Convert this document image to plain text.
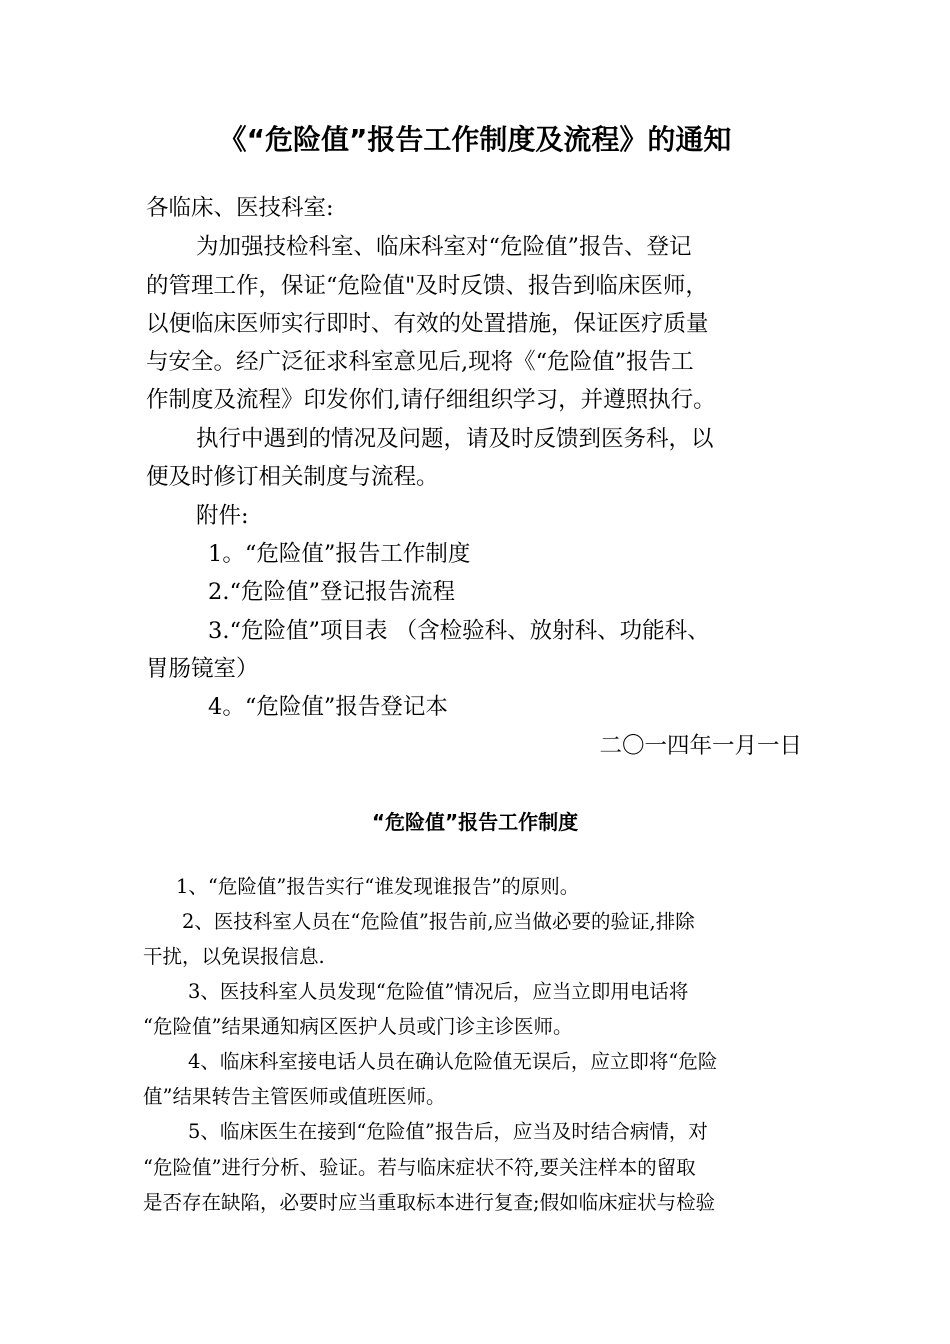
《“危险值”报告工作制度及流程》的通知
各临床、医技科室:
为加强技检科室、临床科室对“危险值”报告、登记
的管理工作，保证“危险值"及时反馈、报告到临床医师，
以便临床医师实行即时、有效的处置措施，保证医疗质量
与安全。经广泛征求科室意见后,现将《“危险值”报告工
作制度及流程》印发你们,请仔细组织学习，并遵照执行。
执行中遇到的情况及问题，请及时反馈到医务科，以
便及时修订相关制度与流程。
附件:
1。“危险值”报告工作制度
2.“危险值”登记报告流程
3.“危险值”项目表 （含检验科、放射科、功能科、
胃肠镜室）
4。“危险值”报告登记本
二〇一四年一月一日
“危险值”报告工作制度
1、“危险值”报告实行“谁发现谁报告”的原则。
2、医技科室人员在“危险值”报告前,应当做必要的验证,排除
干扰，以免误报信息.
3、医技科室人员发现“危险值”情况后，应当立即用电话将
“危险值”结果通知病区医护人员或门诊主诊医师。
4、临床科室接电话人员在确认危险值无误后，应立即将“危险
值”结果转告主管医师或值班医师。
5、临床医生在接到“危险值”报告后，应当及时结合病情，对
“危险值”进行分析、验证。若与临床症状不符,要关注样本的留取
是否存在缺陷，必要时应当重取标本进行复查;假如临床症状与检验
